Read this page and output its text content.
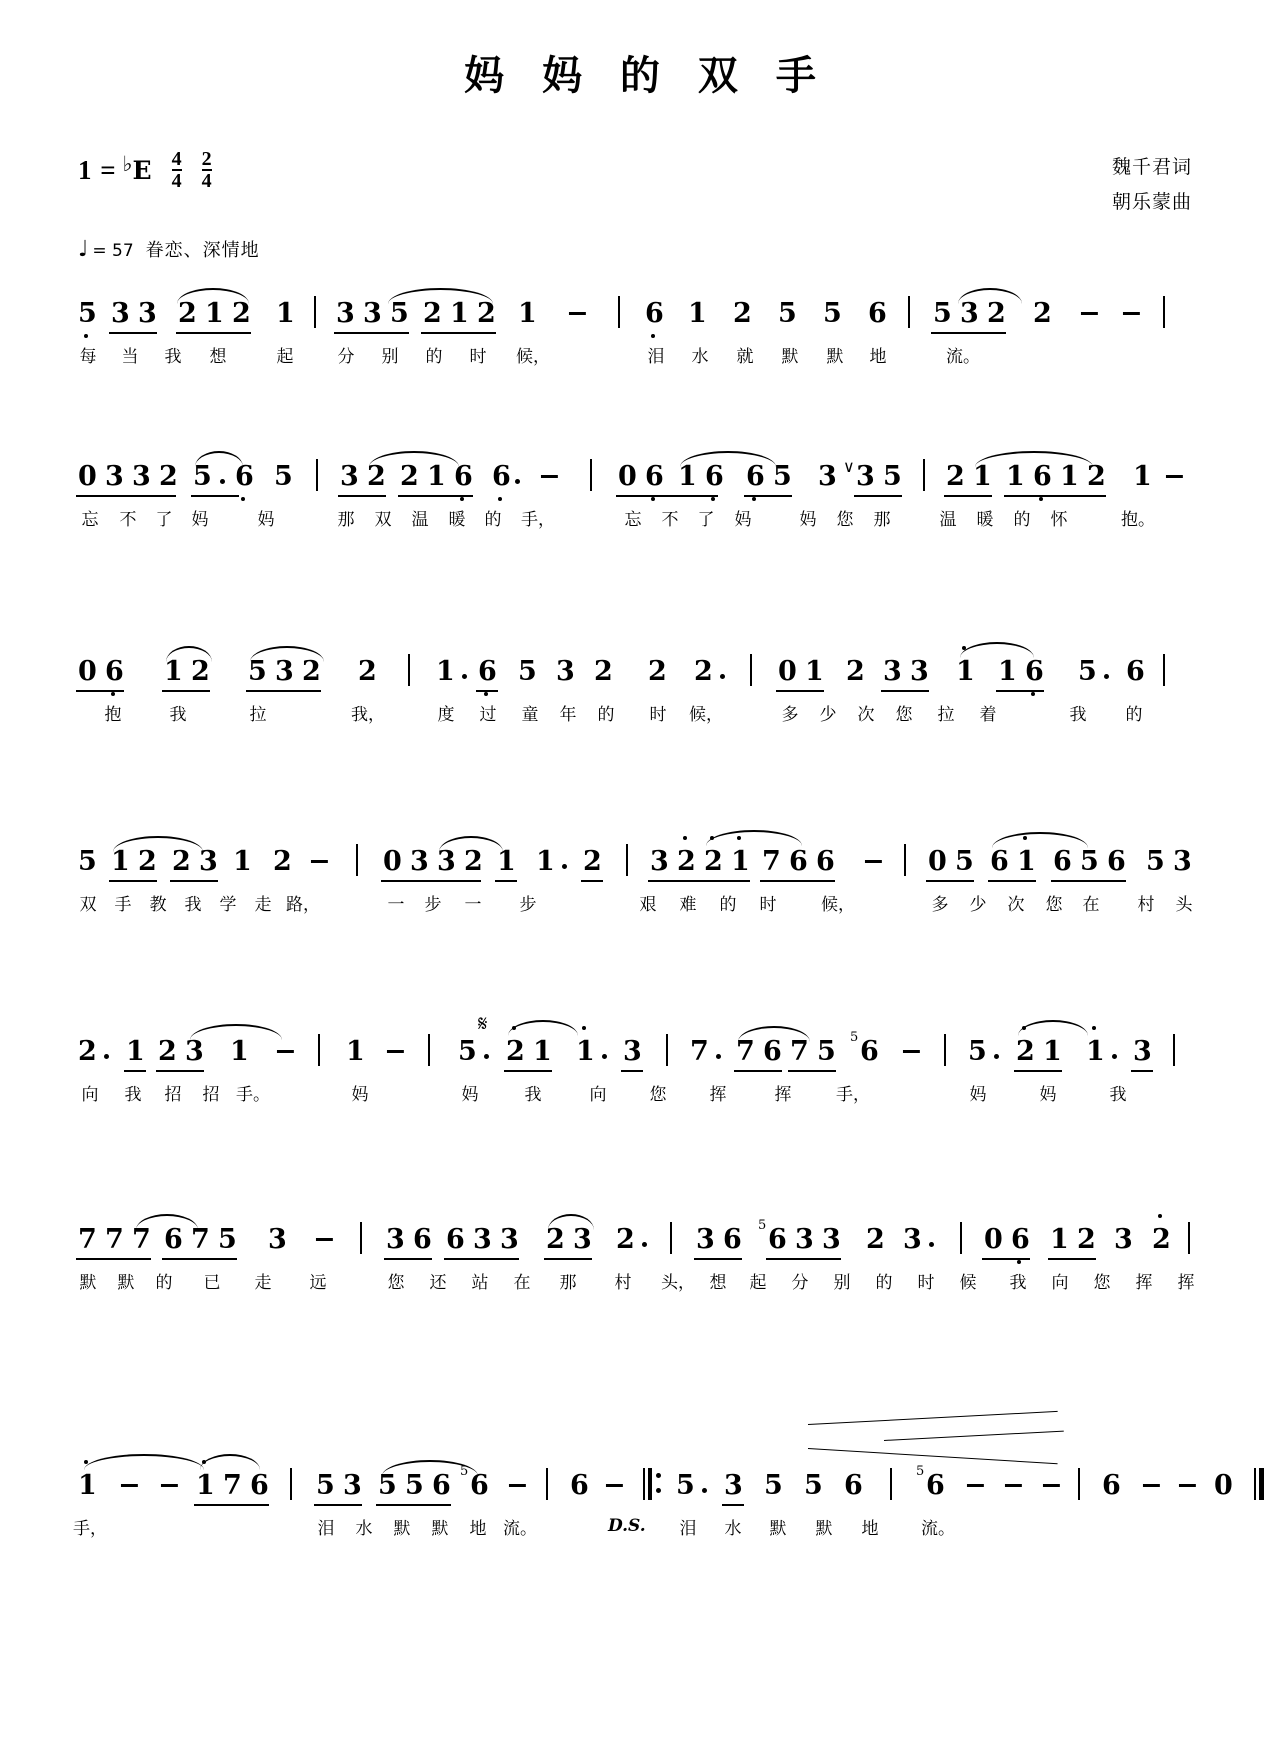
妈 妈 的 双 手
1 = ♭ E $\frac{4}{4} \frac{2}{4}$	魏千君词
朝乐蒙曲
♩ = 57 眷恋、深情地
5 3 3 2 1 2 1 3 3 5 2 1 2 1 − 6 1 2 5 5 6 5 3 2 2 − −
每 当 我 想	起	分 别 的 时 候，	泪 水 就 默 默 地	流。
0 3 3 2 5 6 5 3 2 2 1 6 6 − 0 6 1 6 6 5 3 ∨ 3 5 2 1 1 6 1 2 1 −
忘 不 了 妈	妈	那 双 温 暖 的 手，	忘 不 了 妈	妈 您 那	温 暖 的 怀	抱。
0 6 1 2 5 3 2 2 1 6 5 3 2 2 2 0 1 2 3 3 1 1 6 5 6
抱	我	拉	我，	度 过 童 年 的 时 候，	多 少 次 您 拉 着	我 的
5 1 2 2 3 1 2 − 0 3 3 2 1 1 2 3 2 2 1 7 6 6 − 0 5 6 1 6 5 6 5 3
双 手 教 我 学 走 路，	一 步 一 步	艰 难 的 时	候，	多 少 次 您 在 村 头
2 1 2 3 1 − 1 −
𝄋
5 2 1 1 3 7 7 6 7 5 5 6 − 5 2 1 1 3
向 我 招 招 手。	妈	妈	我	向	您	挥	挥	手，	妈	妈	我
7 7 7 6 7 5 3 − 3 6 6 3 3 2 3 2 3 6 5 6 3 3 2 3 0 6 1 2 3 2
默 默 的 已 走 远	您 还 站 在 那 村 头， 想 起 分 别 的 时 候 我 向 您 挥 挥
1 − − 1 7 6 5 3 5 5 6 5 6 − 6 − 5 3 5 5 6	5 6 − − − 6 − − 0
手，	泪 水 默 默 地 流。	D.S. 泪 水 默 默 地	流。
